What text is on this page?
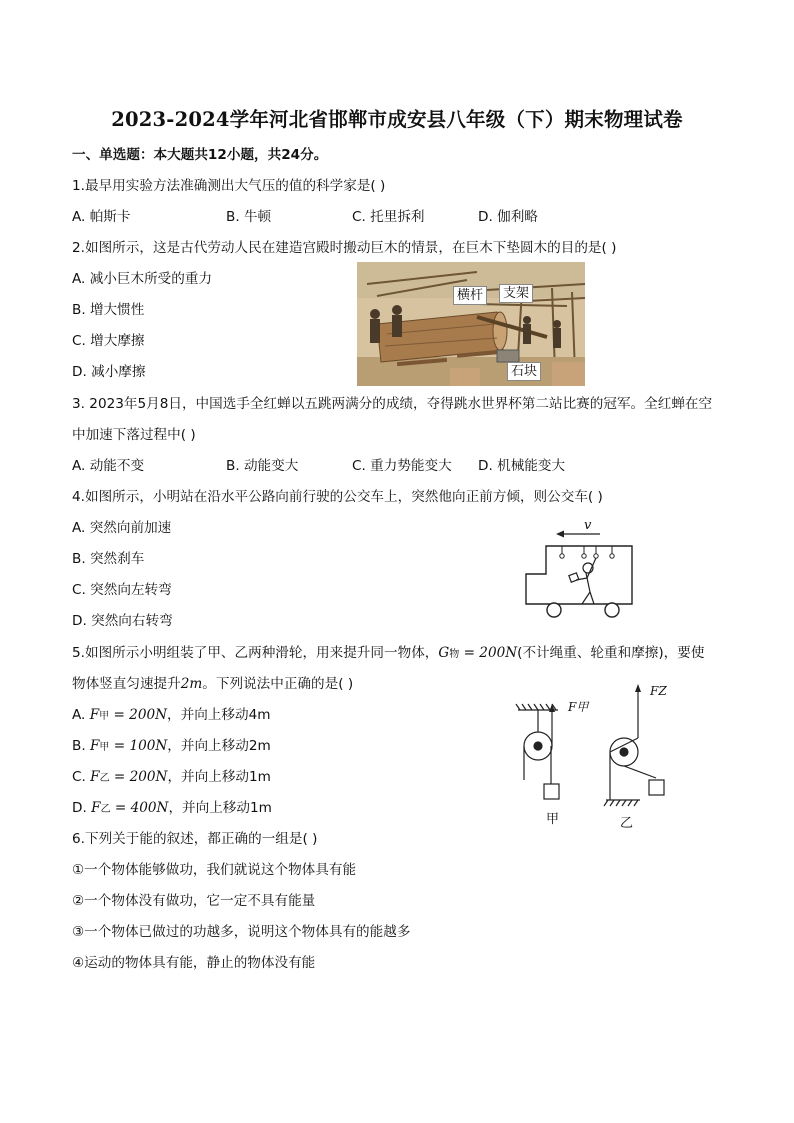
2023-2024学年河北省邯郸市成安县八年级（下）期末物理试卷
一、单选题：本大题共12小题，共24分。
1.最早用实验方法准确测出大气压的值的科学家是( )
A. 帕斯卡	B. 牛顿	C. 托里拆利	D. 伽利略
2.如图所示，这是古代劳动人民在建造宫殿时搬动巨木的情景，在巨木下垫圆木的目的是( )
A. 减小巨木所受的重力
B. 增大惯性
C. 增大摩擦
D. 减小摩擦
横杆	支架
石块
3. 2023年5月8日，中国选手全红蝉以五跳两满分的成绩，夺得跳水世界杯第二站比赛的冠军。全红蝉在空
中加速下落过程中( )
A. 动能不变	B. 动能变大	C. 重力势能变大 D. 机械能变大
4.如图所示，小明站在沿水平公路向前行驶的公交车上，突然他向正前方倾，则公交车( )
A. 突然向前加速
B. 突然刹车
C. 突然向左转弯
D. 突然向右转弯
v
5.如图所示小明组装了甲、乙两种滑轮，用来提升同一物体，G物 = 200N(不计绳重、轮重和摩擦)，要使
物体竖直匀速提升2m。下列说法中正确的是( )
A. F甲 = 200N，并向上移动4m
B. F甲 = 100N，并向上移动2m
C. F乙 = 200N，并向上移动1m
D. F乙 = 400N，并向上移动1m
F甲
FZ
甲	乙
6.下列关于能的叙述，都正确的一组是( )
①一个物体能够做功，我们就说这个物体具有能
②一个物体没有做功，它一定不具有能量
③一个物体已做过的功越多，说明这个物体具有的能越多
④运动的物体具有能，静止的物体没有能
